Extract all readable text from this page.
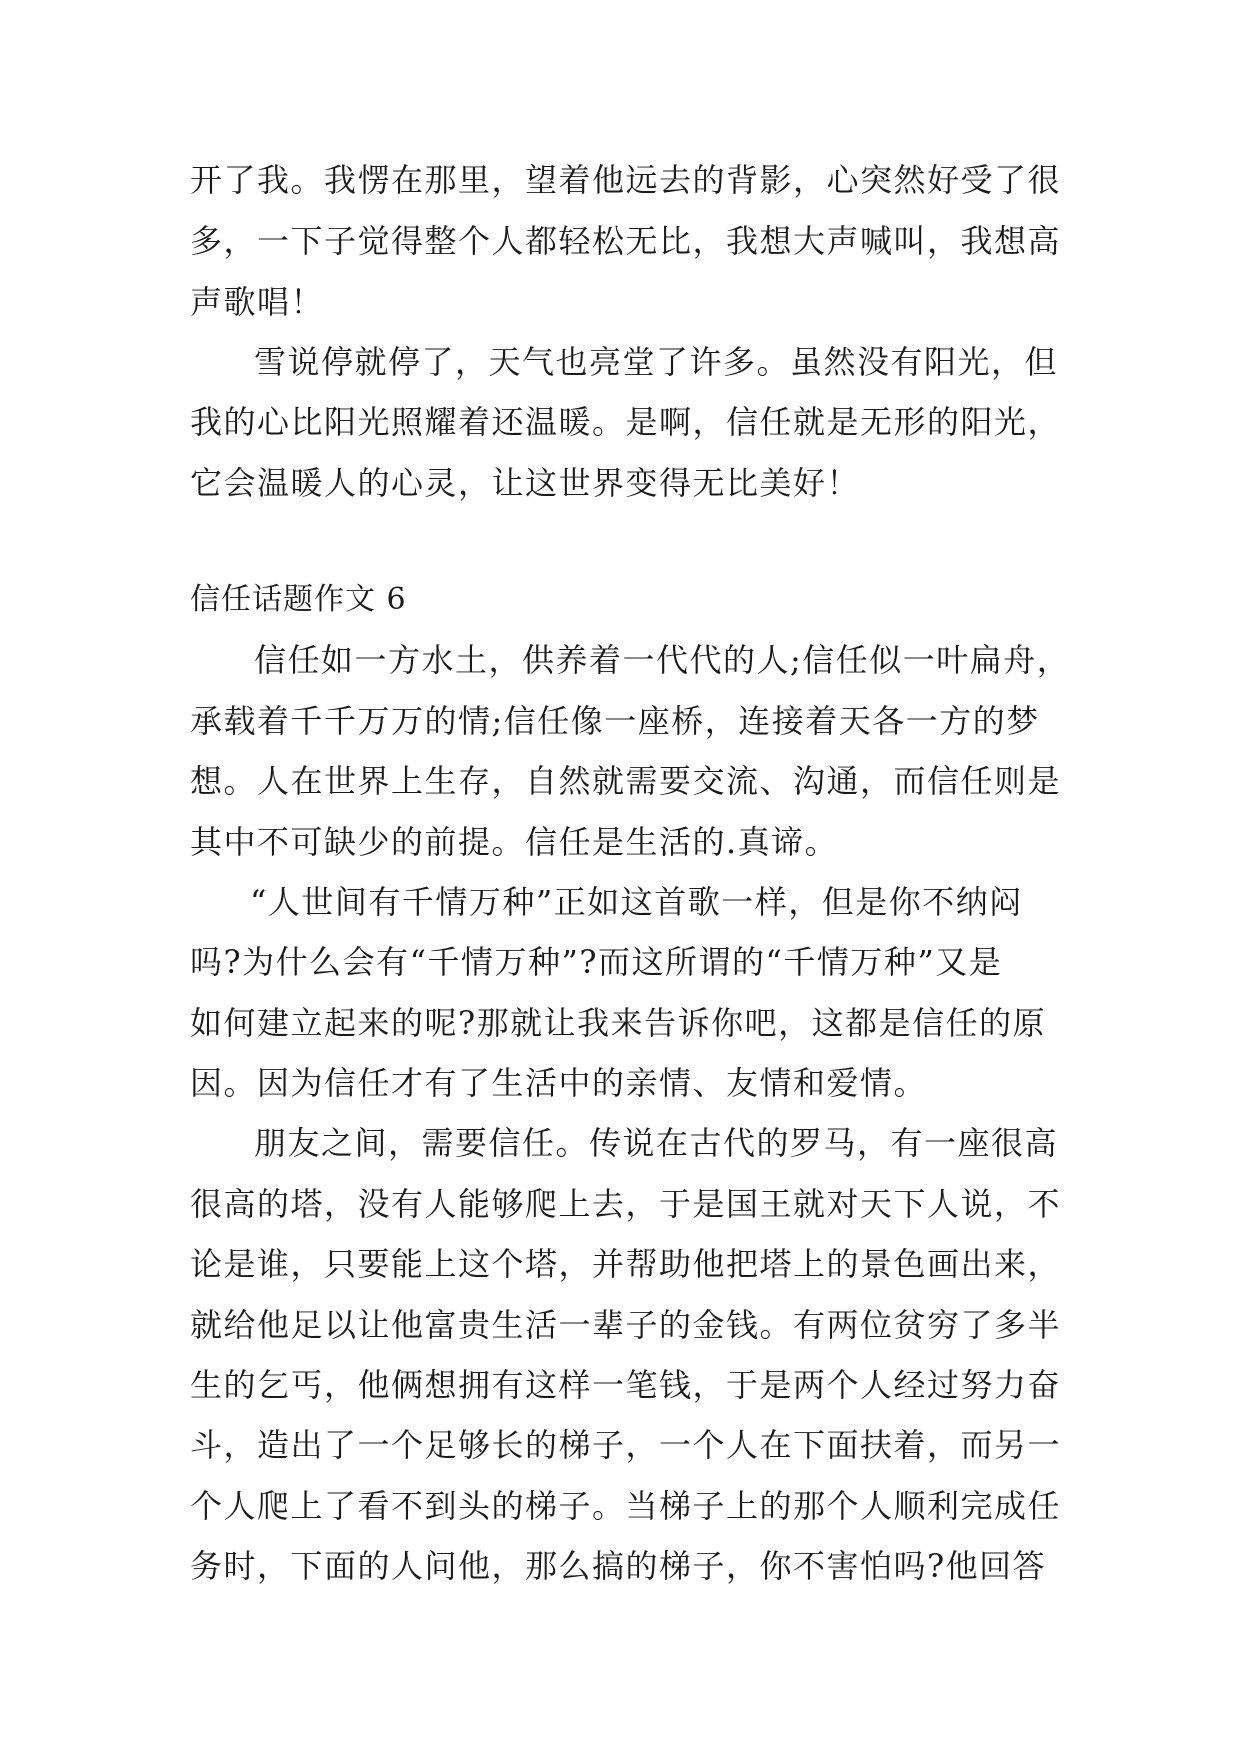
开了我。我愣在那里，望着他远去的背影，心突然好受了很
多，一下子觉得整个人都轻松无比，我想大声喊叫，我想高
声歌唱！
雪说停就停了，天气也亮堂了许多。虽然没有阳光，但
我的心比阳光照耀着还温暖。是啊，信任就是无形的阳光，
它会温暖人的心灵，让这世界变得无比美好！
信任话题作文 6
信任如一方水土，供养着一代代的人;信任似一叶扁舟，
承载着千千万万的情;信任像一座桥，连接着天各一方的梦
想。人在世界上生存，自然就需要交流、沟通，而信任则是
其中不可缺少的前提。信任是生活的.真谛。
“人世间有千情万种”正如这首歌一样，但是你不纳闷
吗?为什么会有“千情万种”?而这所谓的“千情万种”又是
如何建立起来的呢?那就让我来告诉你吧，这都是信任的原
因。因为信任才有了生活中的亲情、友情和爱情。
朋友之间，需要信任。传说在古代的罗马，有一座很高
很高的塔，没有人能够爬上去，于是国王就对天下人说，不
论是谁，只要能上这个塔，并帮助他把塔上的景色画出来，
就给他足以让他富贵生活一辈子的金钱。有两位贫穷了多半
生的乞丐，他俩想拥有这样一笔钱，于是两个人经过努力奋
斗，造出了一个足够长的梯子，一个人在下面扶着，而另一
个人爬上了看不到头的梯子。当梯子上的那个人顺利完成任
务时，下面的人问他，那么搞的梯子，你不害怕吗?他回答
